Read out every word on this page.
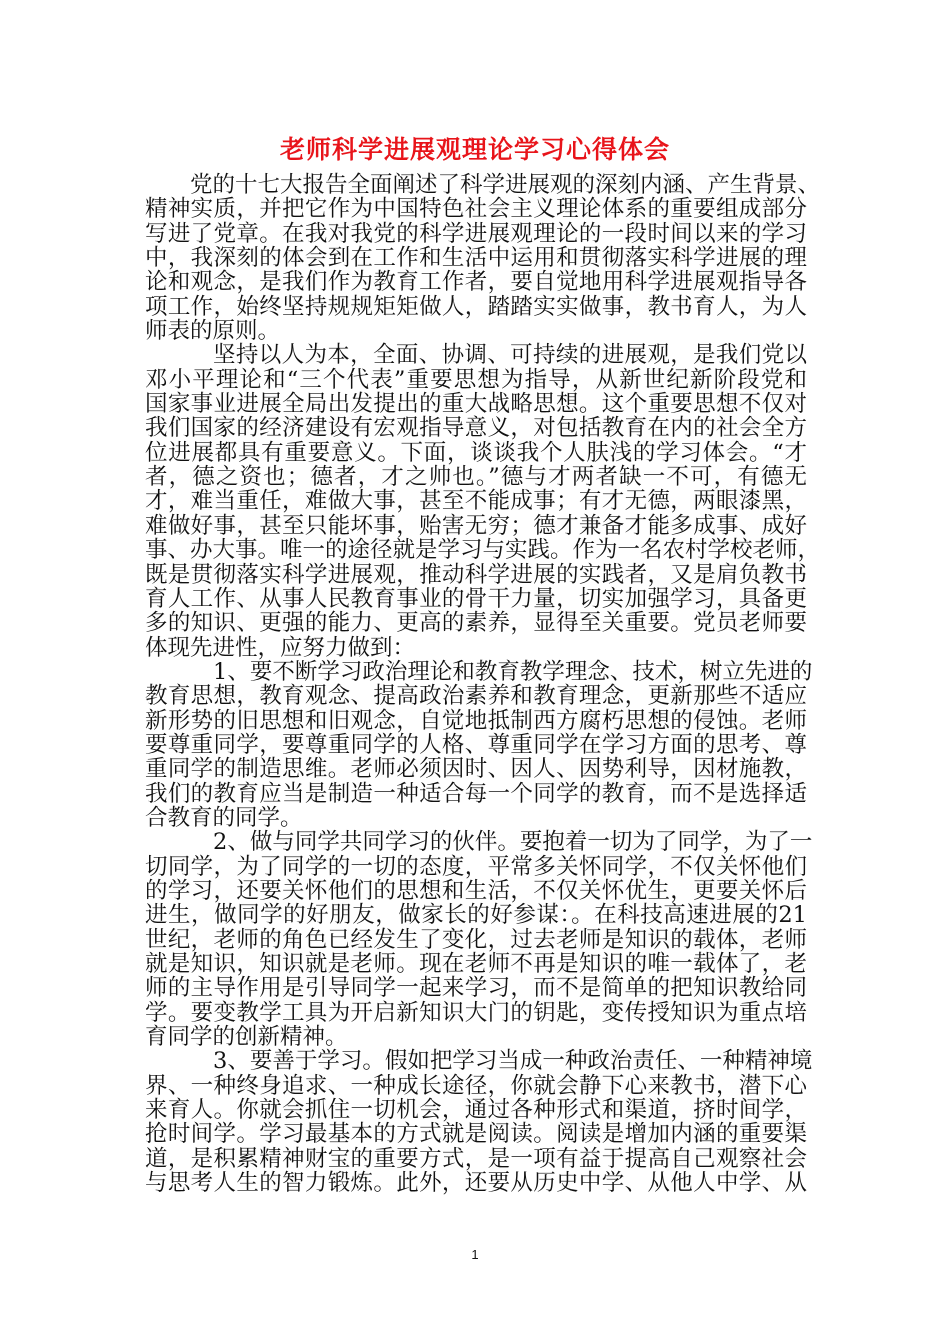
老师科学进展观理论学习心得体会
党的十七大报告全面阐述了科学进展观的深刻内涵、产生背景、
精神实质，并把它作为中国特色社会主义理论体系的重要组成部分
写进了党章。在我对我党的科学进展观理论的一段时间以来的学习
中，我深刻的体会到在工作和生活中运用和贯彻落实科学进展的理
论和观念，是我们作为教育工作者，要自觉地用科学进展观指导各
项工作，始终坚持规规矩矩做人，踏踏实实做事，教书育人，为人
师表的原则。
坚持以人为本，全面、协调、可持续的进展观，是我们党以
邓小平理论和“三个代表”重要思想为指导，从新世纪新阶段党和
国家事业进展全局出发提出的重大战略思想。这个重要思想不仅对
我们国家的经济建设有宏观指导意义，对包括教育在内的社会全方
位进展都具有重要意义。下面，谈谈我个人肤浅的学习体会。“才
者，德之资也；德者，才之帅也。”德与才两者缺一不可，有德无
才，难当重任，难做大事，甚至不能成事；有才无德，两眼漆黑，
难做好事，甚至只能坏事，贻害无穷；德才兼备才能多成事、成好
事、办大事。唯一的途径就是学习与实践。作为一名农村学校老师，
既是贯彻落实科学进展观，推动科学进展的实践者，又是肩负教书
育人工作、从事人民教育事业的骨干力量，切实加强学习，具备更
多的知识、更强的能力、更高的素养，显得至关重要。党员老师要
体现先进性，应努力做到：
1、要不断学习政治理论和教育教学理念、技术，树立先进的
教育思想，教育观念、提高政治素养和教育理念，更新那些不适应
新形势的旧思想和旧观念，自觉地抵制西方腐朽思想的侵蚀。老师
要尊重同学，要尊重同学的人格、尊重同学在学习方面的思考、尊
重同学的制造思维。老师必须因时、因人、因势利导，因材施教，
我们的教育应当是制造一种适合每一个同学的教育，而不是选择适
合教育的同学。
2、做与同学共同学习的伙伴。要抱着一切为了同学，为了一
切同学，为了同学的一切的态度，平常多关怀同学，不仅关怀他们
的学习，还要关怀他们的思想和生活，不仅关怀优生，更要关怀后
进生，做同学的好朋友，做家长的好参谋：。在科技高速进展的21
世纪，老师的角色已经发生了变化，过去老师是知识的载体，老师
就是知识，知识就是老师。现在老师不再是知识的唯一载体了，老
师的主导作用是引导同学一起来学习，而不是简单的把知识教给同
学。要变教学工具为开启新知识大门的钥匙，变传授知识为重点培
育同学的创新精神。
3、要善于学习。假如把学习当成一种政治责任、一种精神境
界、一种终身追求、一种成长途径，你就会静下心来教书，潜下心
来育人。你就会抓住一切机会，通过各种形式和渠道，挤时间学，
抢时间学。学习最基本的方式就是阅读。阅读是增加内涵的重要渠
道，是积累精神财宝的重要方式，是一项有益于提高自己观察社会
与思考人生的智力锻炼。此外，还要从历史中学、从他人中学、从
1
